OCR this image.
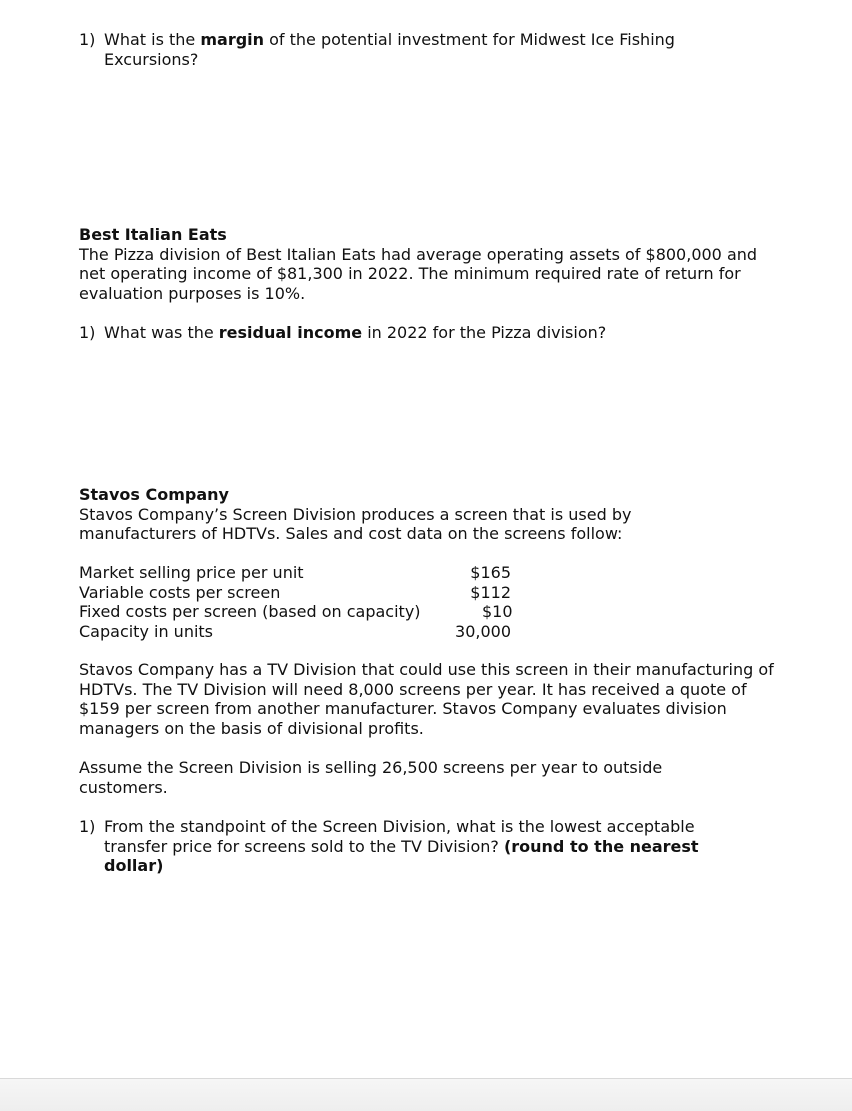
1) What is the margin of the potential investment for Midwest Ice Fishing Excursions?
Best Italian Eats
The Pizza division of Best Italian Eats had average operating assets of $800,000 and net operating income of $81,300 in 2022. The minimum required rate of return for evaluation purposes is 10%.
1) What was the residual income in 2022 for the Pizza division?
Stavos Company
Stavos Company’s Screen Division produces a screen that is used by manufacturers of HDTVs. Sales and cost data on the screens follow:
Market selling price per unit	$165
Variable costs per screen	$112
Fixed costs per screen (based on capacity)	$10
Capacity in units	30,000
Stavos Company has a TV Division that could use this screen in their manufacturing of HDTVs. The TV Division will need 8,000 screens per year. It has received a quote of $159 per screen from another manufacturer. Stavos Company evaluates division managers on the basis of divisional profits.
Assume the Screen Division is selling 26,500 screens per year to outside customers.
1) From the standpoint of the Screen Division, what is the lowest acceptable transfer price for screens sold to the TV Division? (round to the nearest dollar)
